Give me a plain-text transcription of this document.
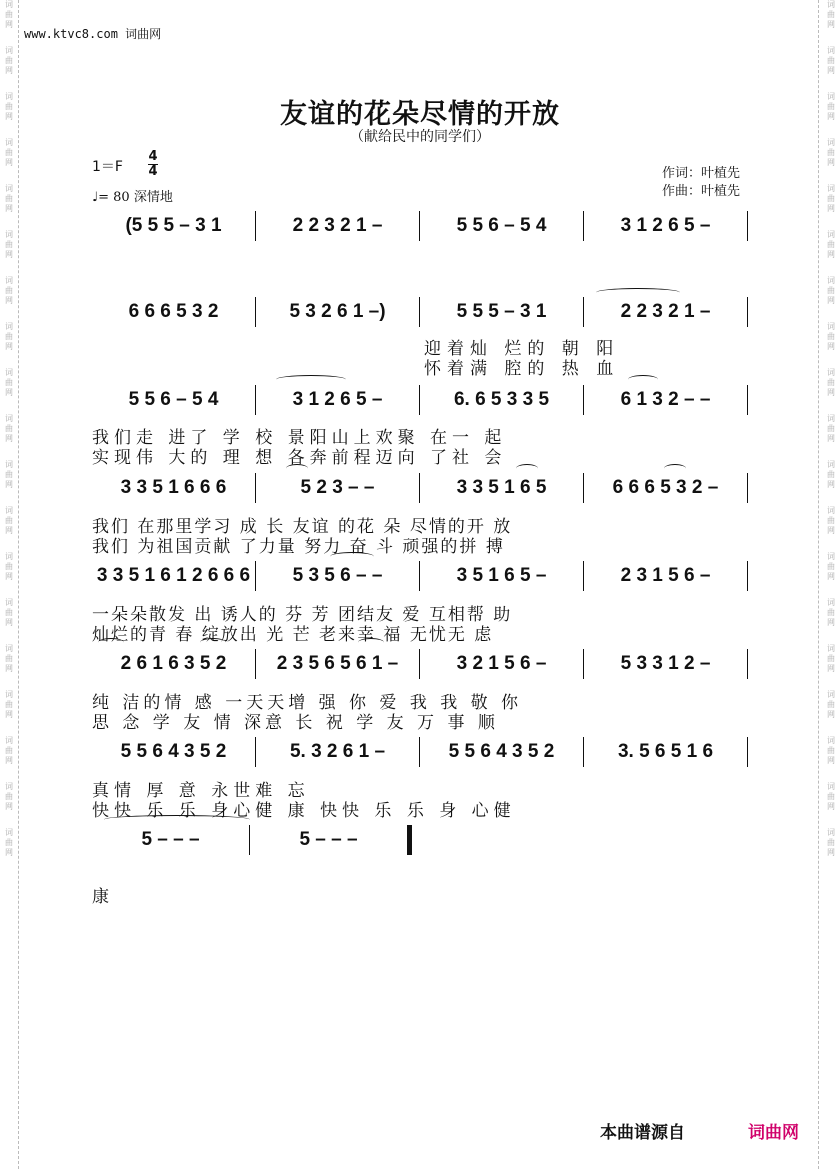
词
曲
网
词
曲
网
词
曲
网
词
曲
网
词
曲
网
词
曲
网
词
曲
网
词
曲
网
词
曲
网
词
曲
网
词
曲
网
词
曲
网
词
曲
网
词
曲
网
词
曲
网
词
曲
网
词
曲
网
词
曲
网
词
曲
网
词
曲
网
词
曲
网
词
曲
网
词
曲
网
词
曲
网
词
曲
网
词
曲
网
词
曲
网
词
曲
网
词
曲
网
词
曲
网
词
曲
网
词
曲
网
词
曲
网
词
曲
网
词
曲
网
词
曲
网
词
曲
网
词
曲
网
www.ktvc8.com 词曲网
友谊的花朵尽情的开放
（献给民中的同学们）
1＝F
4
4
♩= 80 深情地
作词：叶植先
作曲：叶植先
(5 5 5 – 3 1	2 2 3 2 1 –	5 5 6 – 5 4	3 1 2 6 5 –
6 6 6 5 3 2	5 3 2 6 1 –)	5 5 5 – 3 1	2 2 3 2 1 –
5 5 6 – 5 4	3 1 2 6 5 –	6. 6 5 3 3 5	6 1 3 2 – –
3 3 5 1 6 6 6	5 2 3 – –	3 3 5 1 6 5	6 6 6 5 3 2 –
3 3 5 1 6 1 2 6 6 6	5 3 5 6 – –	3 5 1 6 5 –	2 3 1 5 6 –
2 6 1 6 3 5 2	2 3 5 6 5 6 1 –	3 2 1 5 6 –	5 3 3 1 2 –
5 5 6 4 3 5 2	5. 3 2 6 1 –	5 5 6 4 3 5 2	3. 5 6 5 1 6
5 – – –	5 – – –
迎着灿 烂的 朝 阳
怀着满 腔的 热 血
我们走 进了 学 校 景阳山上欢聚 在一 起
实现伟 大的 理 想 各奔前程迈向 了社 会
我们 在那里学习 成 长 友谊 的花 朵 尽情的开 放
我们 为祖国贡献 了力量 努力 奋 斗 顽强的拼 搏
一朵朵散发 出 诱人的 芬 芳 团结友 爱 互相帮 助
灿烂的青 春 绽放出 光 芒 老来幸 福 无忧无 虑
纯 洁的情 感 一天天增 强 你 爱 我 我 敬 你
思 念 学 友 情 深意 长 祝 学 友 万 事 顺
真情 厚 意 永世难 忘
快快 乐 乐 身心健 康 快快 乐 乐 身 心健
康
本曲谱源自	词曲网
